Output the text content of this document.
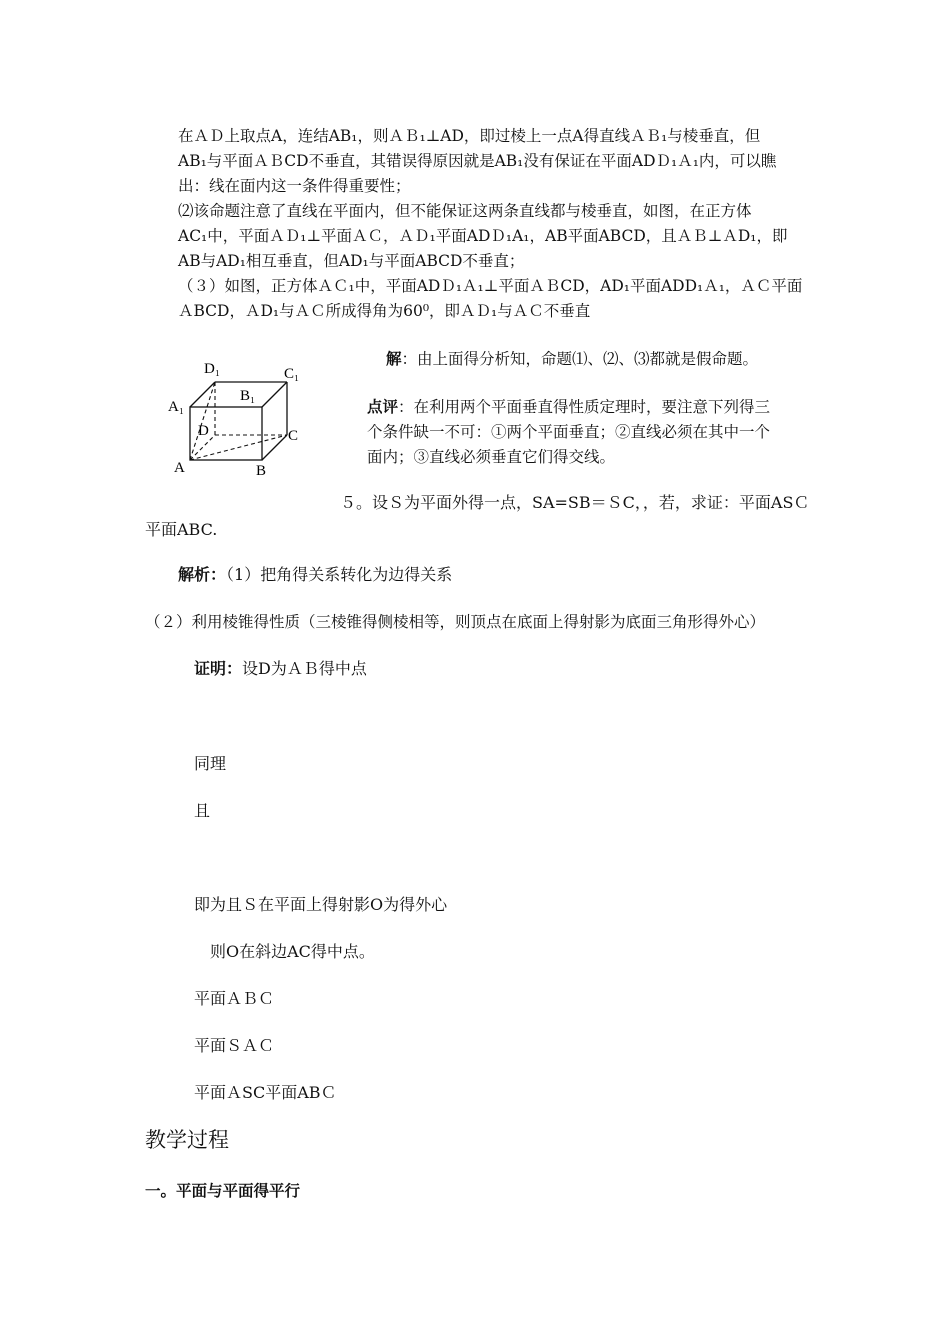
在ＡＤ上取点A，连结AB₁，则ＡＢ₁⊥AD，即过棱上一点A得直线ＡＢ₁与棱垂直，但
AB₁与平面ＡＢCD不垂直，其错误得原因就是AB₁没有保证在平面ADＤ₁Ａ₁内，可以瞧
出：线在面内这一条件得重要性；
⑵该命题注意了直线在平面内，但不能保证这两条直线都与棱垂直，如图，在正方体
AC₁中，平面ＡＤ₁⊥平面ＡＣ，ＡＤ₁平面ADＤ₁A₁，AB平面ABCD，且ＡＢ⊥ＡD₁，即
AB与AD₁相互垂直，但AD₁与平面ABCD不垂直；
（３）如图，正方体ＡＣ₁中，平面ADＤ₁Ａ₁⊥平面ＡＢCD，AD₁平面ADD₁Ａ₁，ＡＣ平面
ＡBCD，ＡD₁与ＡＣ所成得角为60⁰，即ＡＤ₁与ＡＣ不垂直
D₁	C₁
B₁
A₁
D	C
A	B
解：由上面得分析知，命题⑴、⑵、⑶都就是假命题。
点评：在利用两个平面垂直得性质定理时，要注意下列得三
个条件缺一不可：①两个平面垂直；②直线必须在其中一个
面内；③直线必须垂直它们得交线。
５。设Ｓ为平面外得一点，SA=SB＝ＳC，，若，求证：平面ASＣ
平面ABC.
解析：（1）把角得关系转化为边得关系
（２）利用棱锥得性质（三棱锥得侧棱相等，则顶点在底面上得射影为底面三角形得外心）
证明：设D为ＡＢ得中点
同理
且
即为且Ｓ在平面上得射影O为得外心
则O在斜边AC得中点。
平面ＡＢＣ
平面ＳＡＣ
平面ＡSC平面ABＣ
教学过程
一。平面与平面得平行
